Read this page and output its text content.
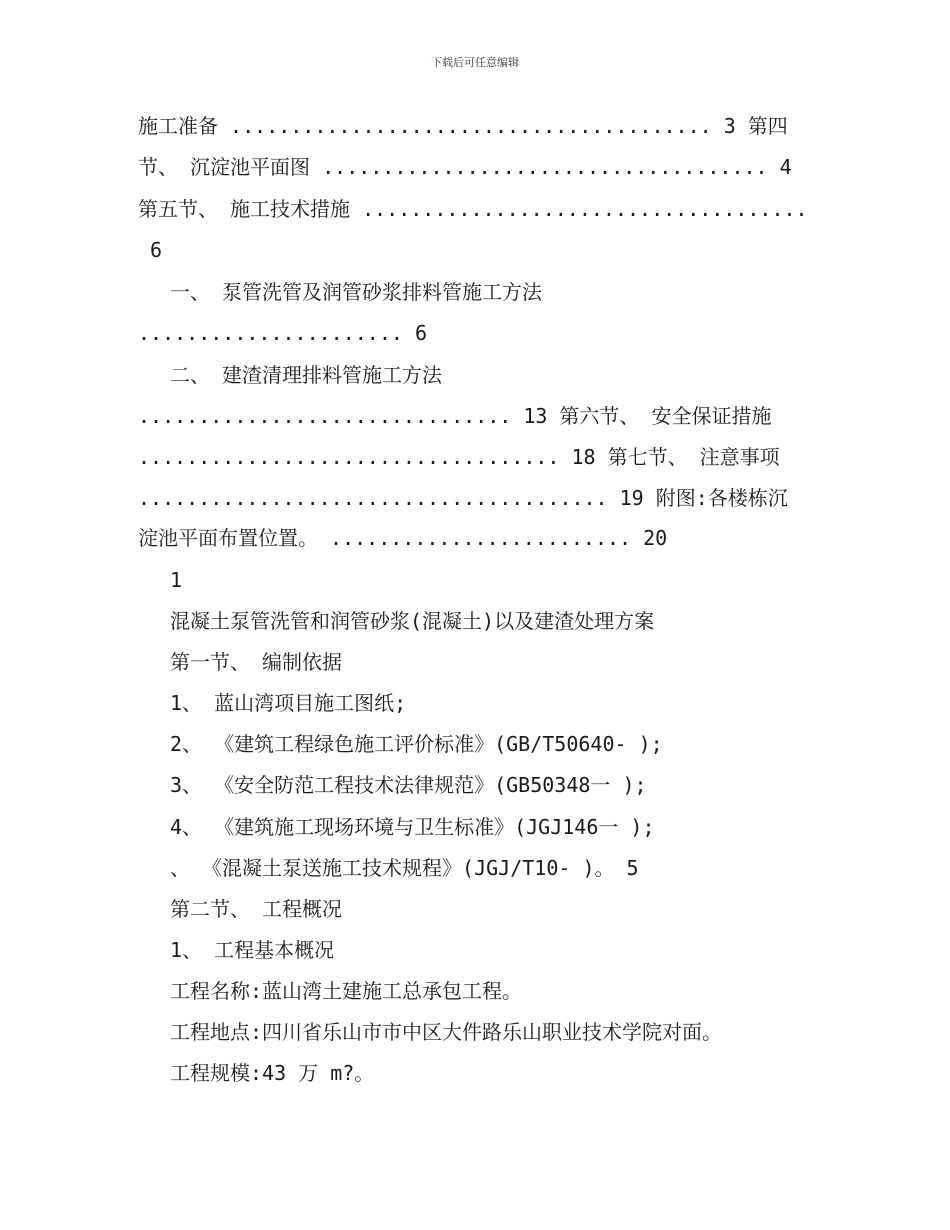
下载后可任意编辑
施工准备 ........................................ 3 第四
节、 沉淀池平面图 ..................................... 4
第五节、 施工技术措施 .....................................
6
一、 泵管洗管及润管砂浆排料管施工方法
...................... 6
二、 建渣清理排料管施工方法
............................... 13 第六节、 安全保证措施
................................... 18 第七节、 注意事项
....................................... 19 附图:各楼栋沉
淀池平面布置位置。 ......................... 20
1
混凝土泵管洗管和润管砂浆(混凝土)以及建渣处理方案
第一节、 编制依据
1、 蓝山湾项目施工图纸;
2、 《建筑工程绿色施工评价标准》(GB/T50640- );
3、 《安全防范工程技术法律规范》(GB50348一 );
4、 《建筑施工现场环境与卫生标准》(JGJ146一 );
、 《混凝土泵送施工技术规程》(JGJ/T10- )。 5
第二节、 工程概况
1、 工程基本概况
工程名称:蓝山湾土建施工总承包工程。
工程地点:四川省乐山市市中区大件路乐山职业技术学院对面。
工程规模:43 万 m?。
